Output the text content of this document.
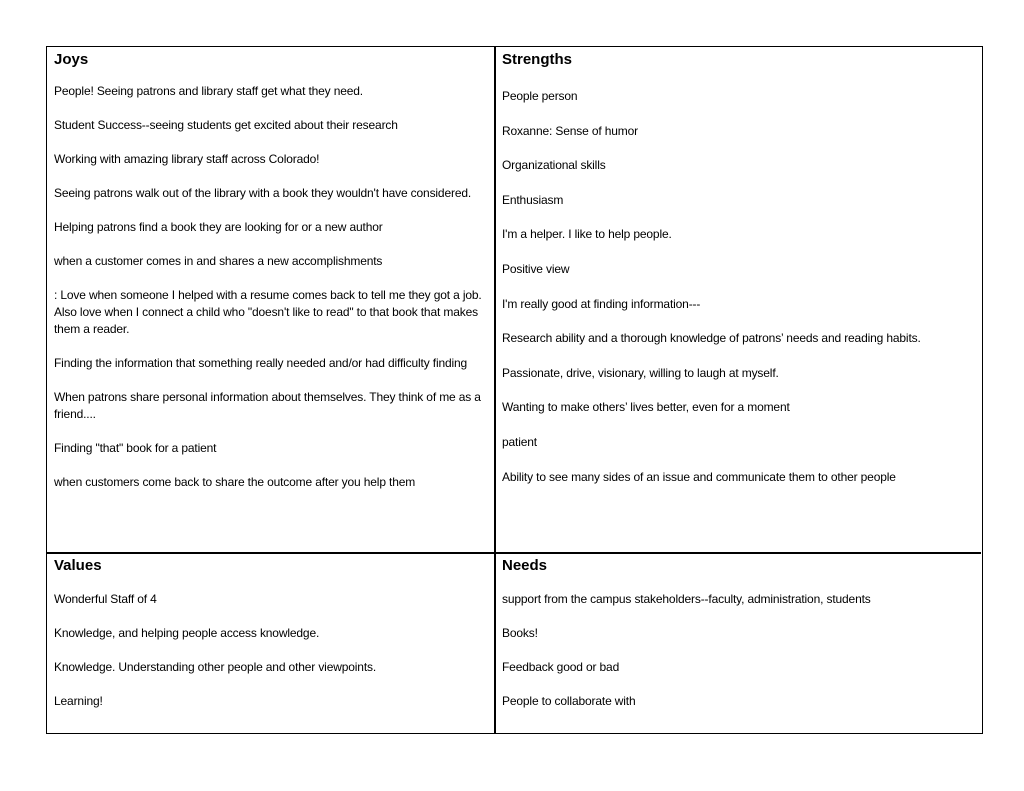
Joys
People! Seeing patrons and library staff get what they need.
Student Success--seeing students get excited about their research
Working with amazing library staff across Colorado!
Seeing patrons walk out of the library with a book they wouldn't have considered.
Helping patrons find a book they are looking for or a new author
when a customer comes in and shares a new accomplishments
: Love when someone I helped with a resume comes back to tell me they got a job. Also love when I connect a child who "doesn't like to read" to that book that makes them a reader.
Finding the information that something really needed and/or had difficulty finding
When patrons share personal information about themselves. They think of me as a friend....
Finding "that" book for a patient
when customers come back to share the outcome after you help them
Strengths
People person
Roxanne: Sense of humor
Organizational skills
Enthusiasm
I'm a helper. I like to help people.
Positive view
I'm really good at finding information---
Research ability and a thorough knowledge of patrons’ needs and reading habits.
Passionate, drive, visionary, willing to laugh at myself.
Wanting to make others’ lives better, even for a moment
patient
Ability to see many sides of an issue and communicate them to other people
Values
Wonderful Staff of 4
Knowledge, and helping people access knowledge.
Knowledge. Understanding other people and other viewpoints.
Learning!
Needs
support from the campus stakeholders--faculty, administration, students
Books!
Feedback good or bad
People to collaborate with
